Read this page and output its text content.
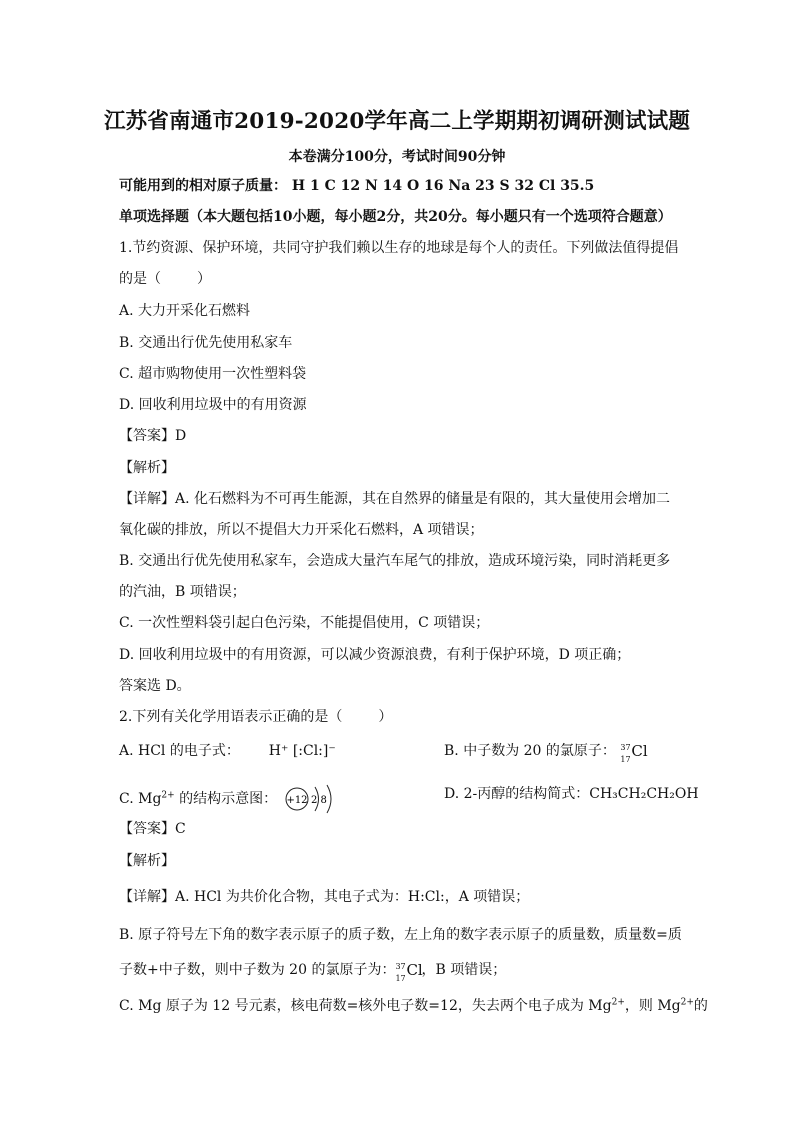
江苏省南通市2019-2020学年高二上学期期初调研测试试题
本卷满分100分，考试时间90分钟
可能用到的相对原子质量： H 1 C 12 N 14 O 16 Na 23 S 32 Cl 35.5
单项选择题（本大题包括10小题，每小题2分，共20分。每小题只有一个选项符合题意）
1.节约资源、保护环境，共同守护我们赖以生存的地球是每个人的责任。下列做法值得提倡
的是（	）
A. 大力开采化石燃料
B. 交通出行优先使用私家车
C. 超市购物使用一次性塑料袋
D. 回收利用垃圾中的有用资源
【答案】D
【解析】
【详解】A. 化石燃料为不可再生能源，其在自然界的储量是有限的，其大量使用会增加二
氧化碳的排放，所以不提倡大力开采化石燃料，A 项错误；
B. 交通出行优先使用私家车，会造成大量汽车尾气的排放，造成环境污染，同时消耗更多
的汽油，B 项错误；
C. 一次性塑料袋引起白色污染，不能提倡使用，C 项错误；
D. 回收利用垃圾中的有用资源，可以减少资源浪费，有利于保护环境，D 项正确；
答案选 D。
2.下列有关化学用语表示正确的是（	）
A. HCl 的电子式： H⁺ [:Cl:]⁻	B. 中子数为 20 的氯原子： 37
17 Cl
C. $Mg^{2+}$ 的结构示意图： +12 2 8	D. 2-丙醇的结构简式：CH₃CH₂CH₂OH
【答案】C
【解析】
【详解】A. HCl 为共价化合物，其电子式为：H:Cl:，A 项错误；
B. 原子符号左下角的数字表示原子的质子数，左上角的数字表示原子的质量数，质量数=质
子数+中子数，则中子数为 20 的氯原子为： 37
17 Cl
，B 项错误；
C. Mg 原子为 12 号元素，核电荷数=核外电子数=12，失去两个电子成为 $Mg^{2+}$，则 $Mg^{2+}$的
